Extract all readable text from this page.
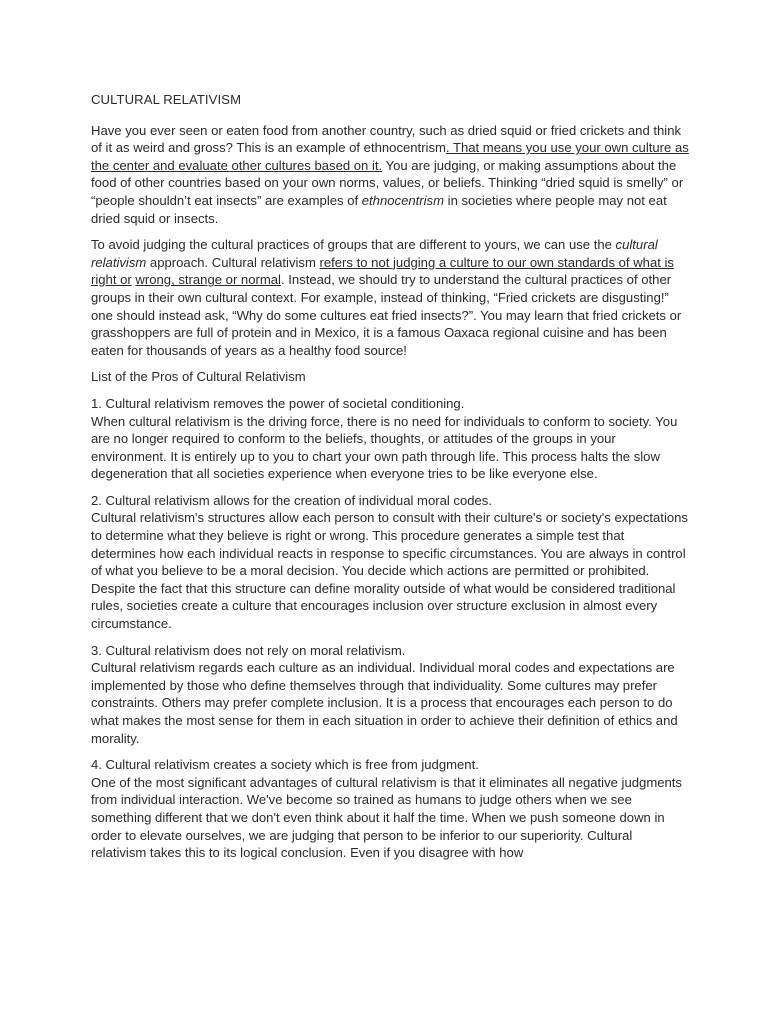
CULTURAL RELATIVISM

Have you ever seen or eaten food from another country, such as dried squid or fried crickets and think of it as weird and gross? This is an example of ethnocentrism. That means you use your own culture as the center and evaluate other cultures based on it. You are judging, or making assumptions about the food of other countries based on your own norms, values, or beliefs. Thinking “dried squid is smelly” or “people shouldn’t eat insects” are examples of ethnocentrism in societies where people may not eat dried squid or insects.

To avoid judging the cultural practices of groups that are different to yours, we can use the cultural relativism approach. Cultural relativism refers to not judging a culture to our own standards of what is right or wrong, strange or normal. Instead, we should try to understand the cultural practices of other groups in their own cultural context. For example, instead of thinking, “Fried crickets are disgusting!” one should instead ask, “Why do some cultures eat fried insects?”. You may learn that fried crickets or grasshoppers are full of protein and in Mexico, it is a famous Oaxaca regional cuisine and has been eaten for thousands of years as a healthy food source!

List of the Pros of Cultural Relativism

1. Cultural relativism removes the power of societal conditioning.
When cultural relativism is the driving force, there is no need for individuals to conform to society. You are no longer required to conform to the beliefs, thoughts, or attitudes of the groups in your environment. It is entirely up to you to chart your own path through life. This process halts the slow degeneration that all societies experience when everyone tries to be like everyone else.

2. Cultural relativism allows for the creation of individual moral codes.
Cultural relativism's structures allow each person to consult with their culture's or society's expectations to determine what they believe is right or wrong. This procedure generates a simple test that determines how each individual reacts in response to specific circumstances. You are always in control of what you believe to be a moral decision. You decide which actions are permitted or prohibited. Despite the fact that this structure can define morality outside of what would be considered traditional rules, societies create a culture that encourages inclusion over structure exclusion in almost every circumstance.

3. Cultural relativism does not rely on moral relativism.
Cultural relativism regards each culture as an individual. Individual moral codes and expectations are implemented by those who define themselves through that individuality. Some cultures may prefer constraints. Others may prefer complete inclusion. It is a process that encourages each person to do what makes the most sense for them in each situation in order to achieve their definition of ethics and morality.

4. Cultural relativism creates a society which is free from judgment.
One of the most significant advantages of cultural relativism is that it eliminates all negative judgments from individual interaction. We've become so trained as humans to judge others when we see something different that we don't even think about it half the time. When we push someone down in order to elevate ourselves, we are judging that person to be inferior to our superiority. Cultural relativism takes this to its logical conclusion. Even if you disagree with how
